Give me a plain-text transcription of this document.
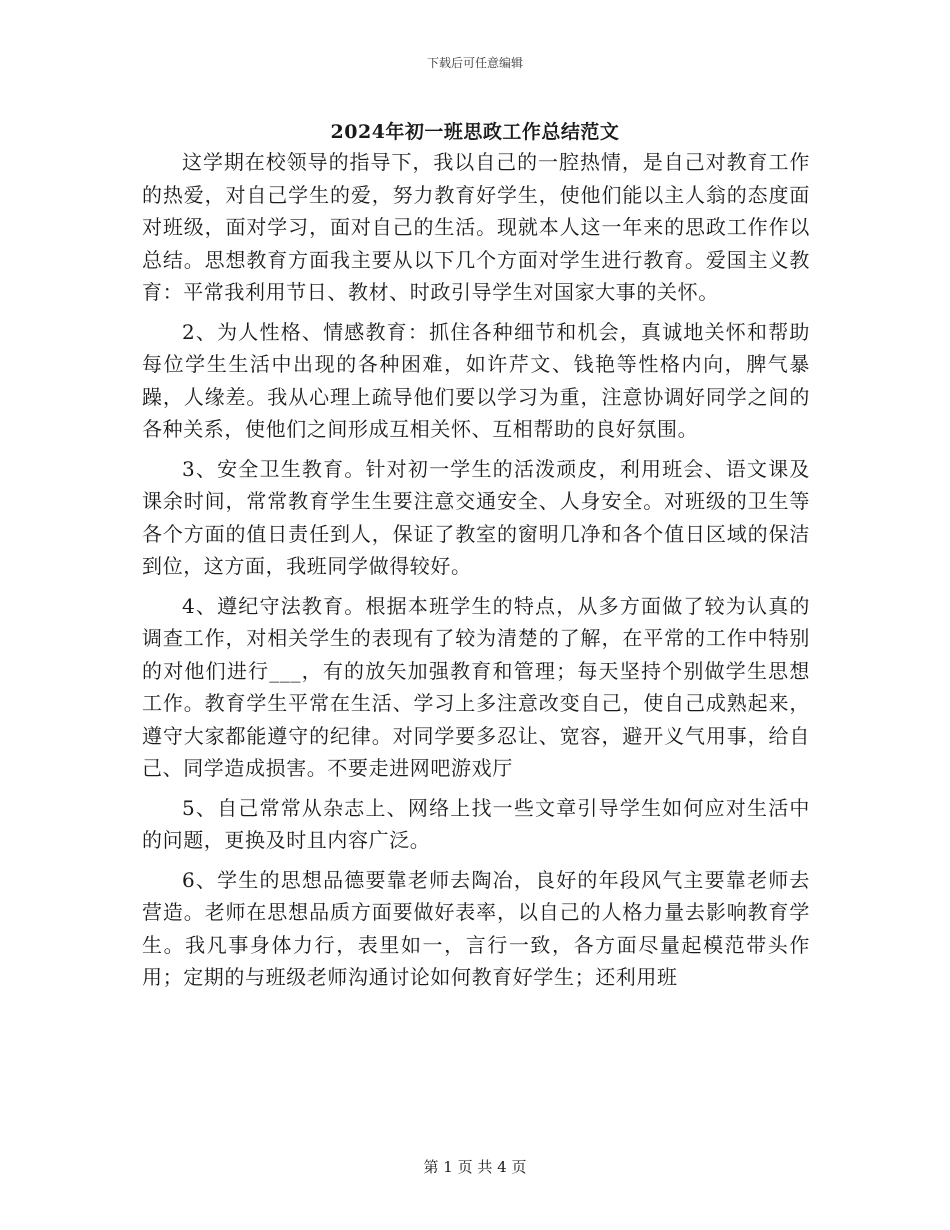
下载后可任意编辑
2024年初一班思政工作总结范文

这学期在校领导的指导下，我以自己的一腔热情，是自己对教育工作的热爱，对自己学生的爱，努力教育好学生，使他们能以主人翁的态度面对班级，面对学习，面对自己的生活。现就本人这一年来的思政工作作以总结。思想教育方面我主要从以下几个方面对学生进行教育。爱国主义教育：平常我利用节日、教材、时政引导学生对国家大事的关怀。

2、为人性格、情感教育：抓住各种细节和机会，真诚地关怀和帮助每位学生生活中出现的各种困难，如许芹文、钱艳等性格内向，脾气暴躁，人缘差。我从心理上疏导他们要以学习为重，注意协调好同学之间的各种关系，使他们之间形成互相关怀、互相帮助的良好氛围。

3、安全卫生教育。针对初一学生的活泼顽皮，利用班会、语文课及课余时间，常常教育学生生要注意交通安全、人身安全。对班级的卫生等各个方面的值日责任到人，保证了教室的窗明几净和各个值日区域的保洁到位，这方面，我班同学做得较好。

4、遵纪守法教育。根据本班学生的特点，从多方面做了较为认真的调查工作，对相关学生的表现有了较为清楚的了解，在平常的工作中特别的对他们进行___，有的放矢加强教育和管理；每天坚持个别做学生思想工作。教育学生平常在生活、学习上多注意改变自己，使自己成熟起来，遵守大家都能遵守的纪律。对同学要多忍让、宽容，避开义气用事，给自己、同学造成损害。不要走进网吧游戏厅

5、自己常常从杂志上、网络上找一些文章引导学生如何应对生活中的问题，更换及时且内容广泛。

6、学生的思想品德要靠老师去陶冶，良好的年段风气主要靠老师去营造。老师在思想品质方面要做好表率，以自己的人格力量去影响教育学生。我凡事身体力行，表里如一，言行一致，各方面尽量起模范带头作用；定期的与班级老师沟通讨论如何教育好学生；还利用班

第 1 页 共 4 页
